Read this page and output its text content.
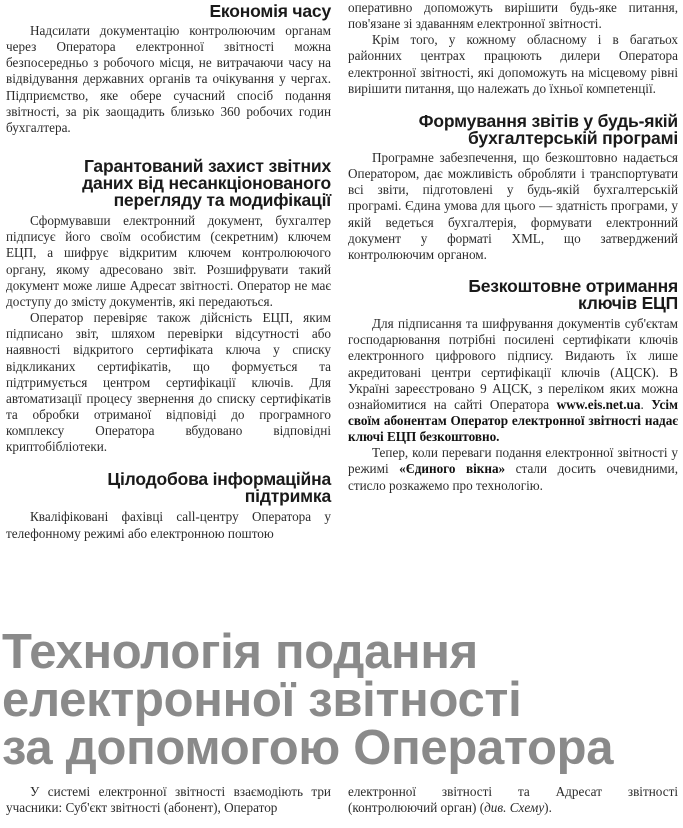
Економія часу

Надсилати документацію контролюючим органам через Оператора електронної звітності можна безпосередньо з робочого місця, не витрачаючи часу на відвідування державних органів та очікування у чергах. Підприємство, яке обере сучасний спосіб подання звітності, за рік заощадить близько 360 робочих годин бухгалтера.

Гарантований захист звітних
даних від несанкціонованого
перегляду та модифікації

Сформувавши електронний документ, бухгалтер підписує його своїм особистим (секретним) ключем ЕЦП, а шифрує відкритим ключем контролюючого органу, якому адресовано звіт. Розшифрувати такий документ може лише Адресат звітності. Оператор не має доступу до змісту документів, які передаються.

Оператор перевіряє також дійсність ЕЦП, яким підписано звіт, шляхом перевірки відсутності або наявності відкритого сертифіката ключа у списку відкликаних сертифікатів, що формується та підтримується центром сертифікації ключів. Для автоматизації процесу звернення до списку сертифікатів та обробки отриманої відповіді до програмного комплексу Оператора вбудовано відповідні криптобібліотеки.

Цілодобова інформаційна
підтримка

Кваліфіковані фахівці call-центру Оператора у телефонному режимі або електронною поштою

оперативно допоможуть вирішити будь-яке питання, пов'язане зі здаванням електронної звітності.

Крім того, у кожному обласному і в багатьох районних центрах працюють дилери Оператора електронної звітності, які допоможуть на місцевому рівні вирішити питання, що належать до їхньої компетенції.

Формування звітів у будь-якій
бухгалтерській програмі

Програмне забезпечення, що безкоштовно надається Оператором, дає можливість обробляти і транспортувати всі звіти, підготовлені у будь-якій бухгалтерській програмі. Єдина умова для цього — здатність програми, у якій ведеться бухгалтерія, формувати електронний документ у форматі XML, що затверджений контролюючим органом.

Безкоштовне отримання
ключів ЕЦП

Для підписання та шифрування документів суб'єктам господарювання потрібні посилені сертифікати ключів електронного цифрового підпису. Видають їх лише акредитовані центри сертифікації ключів (АЦСК). В Україні зареєстровано 9 АЦСК, з переліком яких можна ознайомитися на сайті Оператора www.eis.net.ua. Усім своїм абонентам Оператор електронної звітності надає ключі ЕЦП безкоштовно.

Тепер, коли переваги подання електронної звітності у режимі «Єдиного вікна» стали досить очевидними, стисло розкажемо про технологію.

Технологія подання
електронної звітності
за допомогою Оператора

У системі електронної звітності взаємодіють три учасники: Суб'єкт звітності (абонент), Оператор

електронної звітності та Адресат звітності (контролюючий орган) (див. Схему).
